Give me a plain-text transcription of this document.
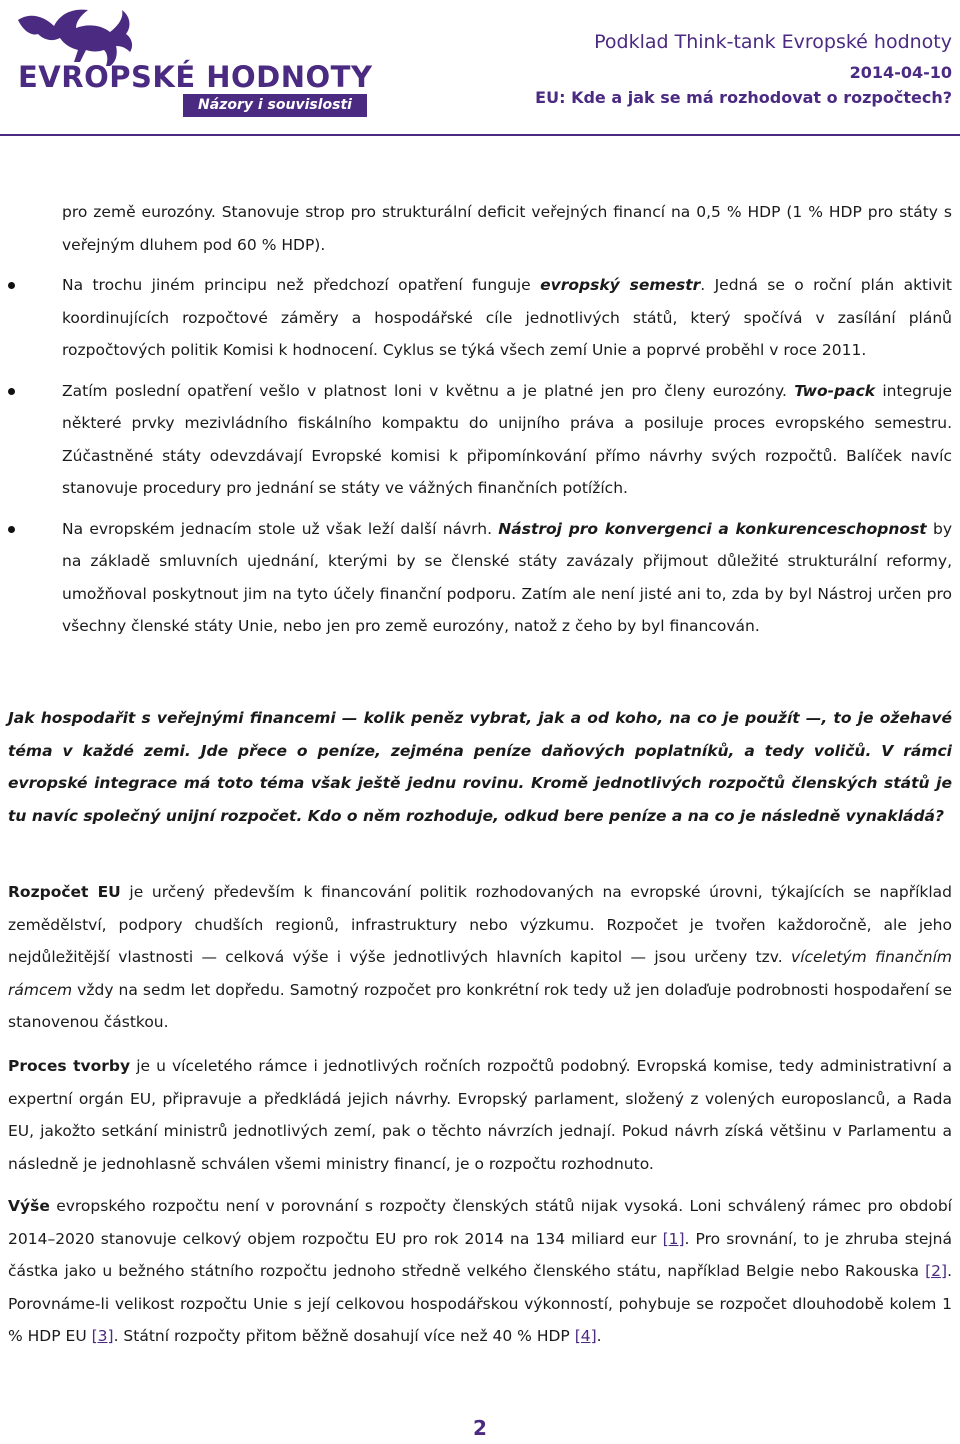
EVROPSKÉ HODNOTY
Názory i souvislosti
Podklad Think-tank Evropské hodnoty
2014-04-10
EU: Kde a jak se má rozhodovat o rozpočtech?

pro země eurozóny. Stanovuje strop pro strukturální deficit veřejných financí na 0,5 % HDP (1 % HDP pro státy s veřejným dluhem pod 60 % HDP).

Na trochu jiném principu než předchozí opatření funguje evropský semestr. Jedná se o roční plán aktivit koordinujících rozpočtové záměry a hospodářské cíle jednotlivých států, který spočívá v zasílání plánů rozpočtových politik Komisi k hodnocení. Cyklus se týká všech zemí Unie a poprvé proběhl v roce 2011.

Zatím poslední opatření vešlo v platnost loni v květnu a je platné jen pro členy eurozóny. Two-pack integruje některé prvky mezivládního fiskálního kompaktu do unijního práva a posiluje proces evropského semestru. Zúčastněné státy odevzdávají Evropské komisi k připomínkování přímo návrhy svých rozpočtů. Balíček navíc stanovuje procedury pro jednání se státy ve vážných finančních potížích.

Na evropském jednacím stole už však leží další návrh. Nástroj pro konvergenci a konkurenceschopnost by na základě smluvních ujednání, kterými by se členské státy zavázaly přijmout důležité strukturální reformy, umožňoval poskytnout jim na tyto účely finanční podporu. Zatím ale není jisté ani to, zda by byl Nástroj určen pro všechny členské státy Unie, nebo jen pro země eurozóny, natož z čeho by byl financován.

Jak hospodařit s veřejnými financemi — kolik peněz vybrat, jak a od koho, na co je použít —, to je ožehavé téma v každé zemi. Jde přece o peníze, zejména peníze daňových poplatníků, a tedy voličů. V rámci evropské integrace má toto téma však ještě jednu rovinu. Kromě jednotlivých rozpočtů členských států je tu navíc společný unijní rozpočet. Kdo o něm rozhoduje, odkud bere peníze a na co je následně vynakládá?

Rozpočet EU je určený především k financování politik rozhodovaných na evropské úrovni, týkajících se například zemědělství, podpory chudších regionů, infrastruktury nebo výzkumu. Rozpočet je tvořen každoročně, ale jeho nejdůležitější vlastnosti — celková výše i výše jednotlivých hlavních kapitol — jsou určeny tzv. víceletým finančním rámcem vždy na sedm let dopředu. Samotný rozpočet pro konkrétní rok tedy už jen dolaďuje podrobnosti hospodaření se stanovenou částkou.

Proces tvorby je u víceletého rámce i jednotlivých ročních rozpočtů podobný. Evropská komise, tedy administrativní a expertní orgán EU, připravuje a předkládá jejich návrhy. Evropský parlament, složený z volených europoslanců, a Rada EU, jakožto setkání ministrů jednotlivých zemí, pak o těchto návrzích jednají. Pokud návrh získá většinu v Parlamentu a následně je jednohlasně schválen všemi ministry financí, je o rozpočtu rozhodnuto.

Výše evropského rozpočtu není v porovnání s rozpočty členských států nijak vysoká. Loni schválený rámec pro období 2014–2020 stanovuje celkový objem rozpočtu EU pro rok 2014 na 134 miliard eur [1]. Pro srovnání, to je zhruba stejná částka jako u bežného státního rozpočtu jednoho středně velkého členského státu, například Belgie nebo Rakouska [2]. Porovnáme-li velikost rozpočtu Unie s její celkovou hospodářskou výkonností, pohybuje se rozpočet dlouhodobě kolem 1 % HDP EU [3]. Státní rozpočty přitom běžně dosahují více než 40 % HDP [4].

2
